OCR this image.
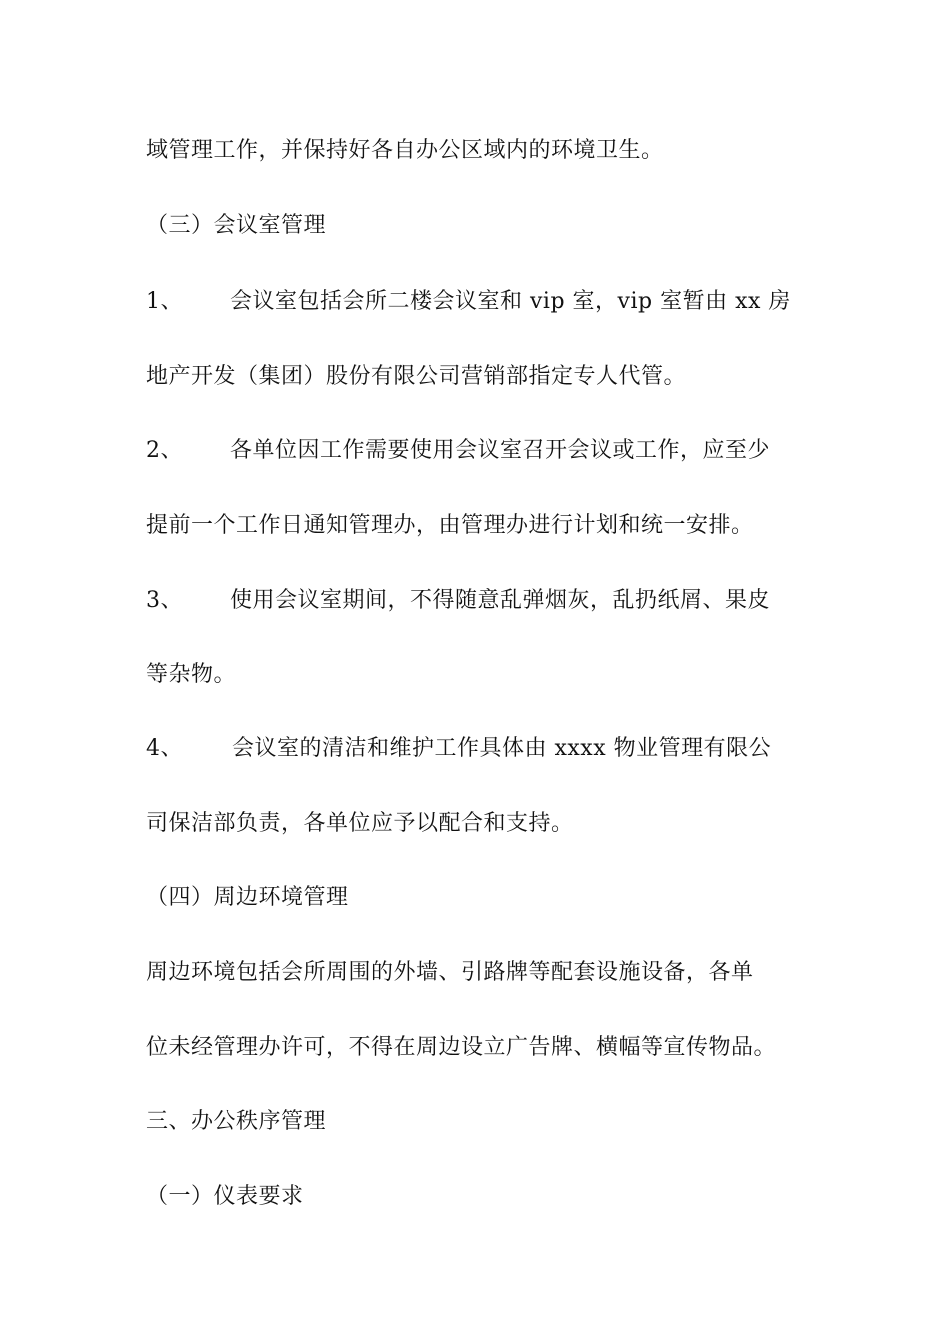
域管理工作，并保持好各自办公区域内的环境卫生。
（三）会议室管理
1、 会议室包括会所二楼会议室和 vip 室，vip 室暂由 xx 房
地产开发（集团）股份有限公司营销部指定专人代管。
2、 各单位因工作需要使用会议室召开会议或工作，应至少
提前一个工作日通知管理办，由管理办进行计划和统一安排。
3、 使用会议室期间，不得随意乱弹烟灰，乱扔纸屑、果皮
等杂物。
4、 会议室的清洁和维护工作具体由 xxxx 物业管理有限公
司保洁部负责，各单位应予以配合和支持。
（四）周边环境管理
周边环境包括会所周围的外墙、引路牌等配套设施设备，各单
位未经管理办许可，不得在周边设立广告牌、横幅等宣传物品。
三、办公秩序管理
（一）仪表要求
